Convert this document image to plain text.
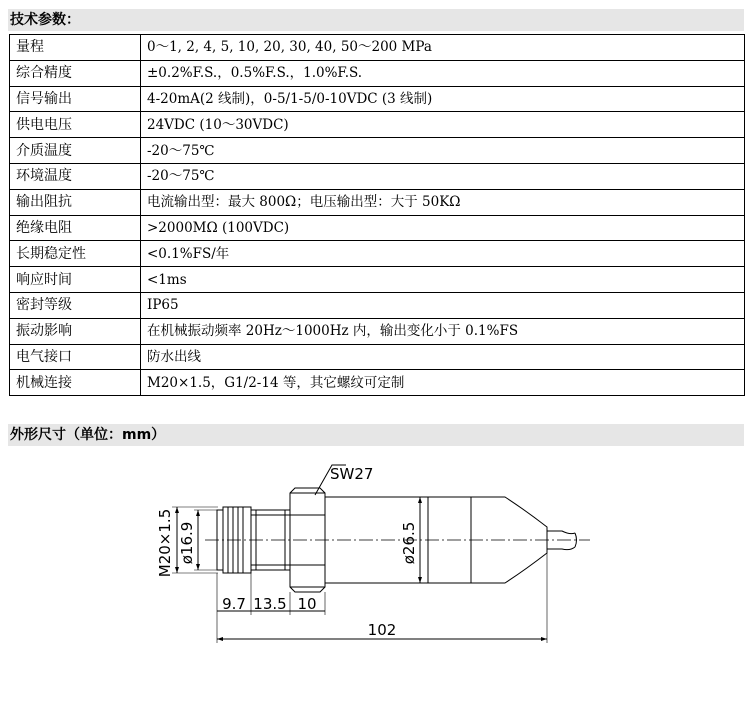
技术参数：
量程	0～1, 2, 4, 5, 10, 20, 30, 40, 50～200 MPa
综合精度	±0.2%F.S.，0.5%F.S.，1.0%F.S.
信号输出	4-20mA(2 线制)，0-5/1-5/0-10VDC (3 线制)
供电电压	24VDC (10～30VDC)
介质温度	-20～75℃
环境温度	-20～75℃
输出阻抗	电流输出型：最大 800Ω；电压输出型：大于 50KΩ
绝缘电阻	>2000MΩ (100VDC)
长期稳定性	<0.1%FS/年
响应时间	<1ms
密封等级	IP65
振动影响	在机械振动频率 20Hz～1000Hz 内，输出变化小于 0.1%FS
电气接口	防水出线
机械连接	M20×1.5，G1/2-14 等，其它螺纹可定制
外形尺寸（单位：mm）
SW27
M20×1.5 ø16.9	ø26.5
9.7 13.5 10
102
